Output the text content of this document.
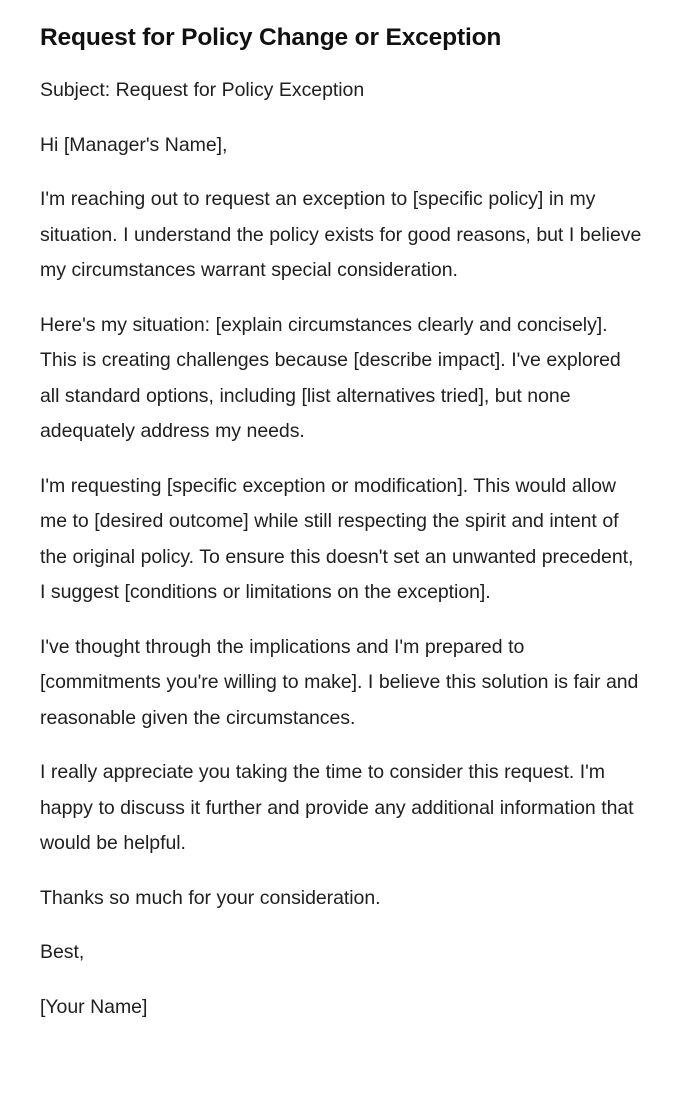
Request for Policy Change or Exception

Subject: Request for Policy Exception

Hi [Manager's Name],

I'm reaching out to request an exception to [specific policy] in my situation. I understand the policy exists for good reasons, but I believe my circumstances warrant special consideration.

Here's my situation: [explain circumstances clearly and concisely]. This is creating challenges because [describe impact]. I've explored all standard options, including [list alternatives tried], but none adequately address my needs.

I'm requesting [specific exception or modification]. This would allow me to [desired outcome] while still respecting the spirit and intent of the original policy. To ensure this doesn't set an unwanted precedent, I suggest [conditions or limitations on the exception].

I've thought through the implications and I'm prepared to [commitments you're willing to make]. I believe this solution is fair and reasonable given the circumstances.

I really appreciate you taking the time to consider this request. I'm happy to discuss it further and provide any additional information that would be helpful.

Thanks so much for your consideration.

Best,

[Your Name]
